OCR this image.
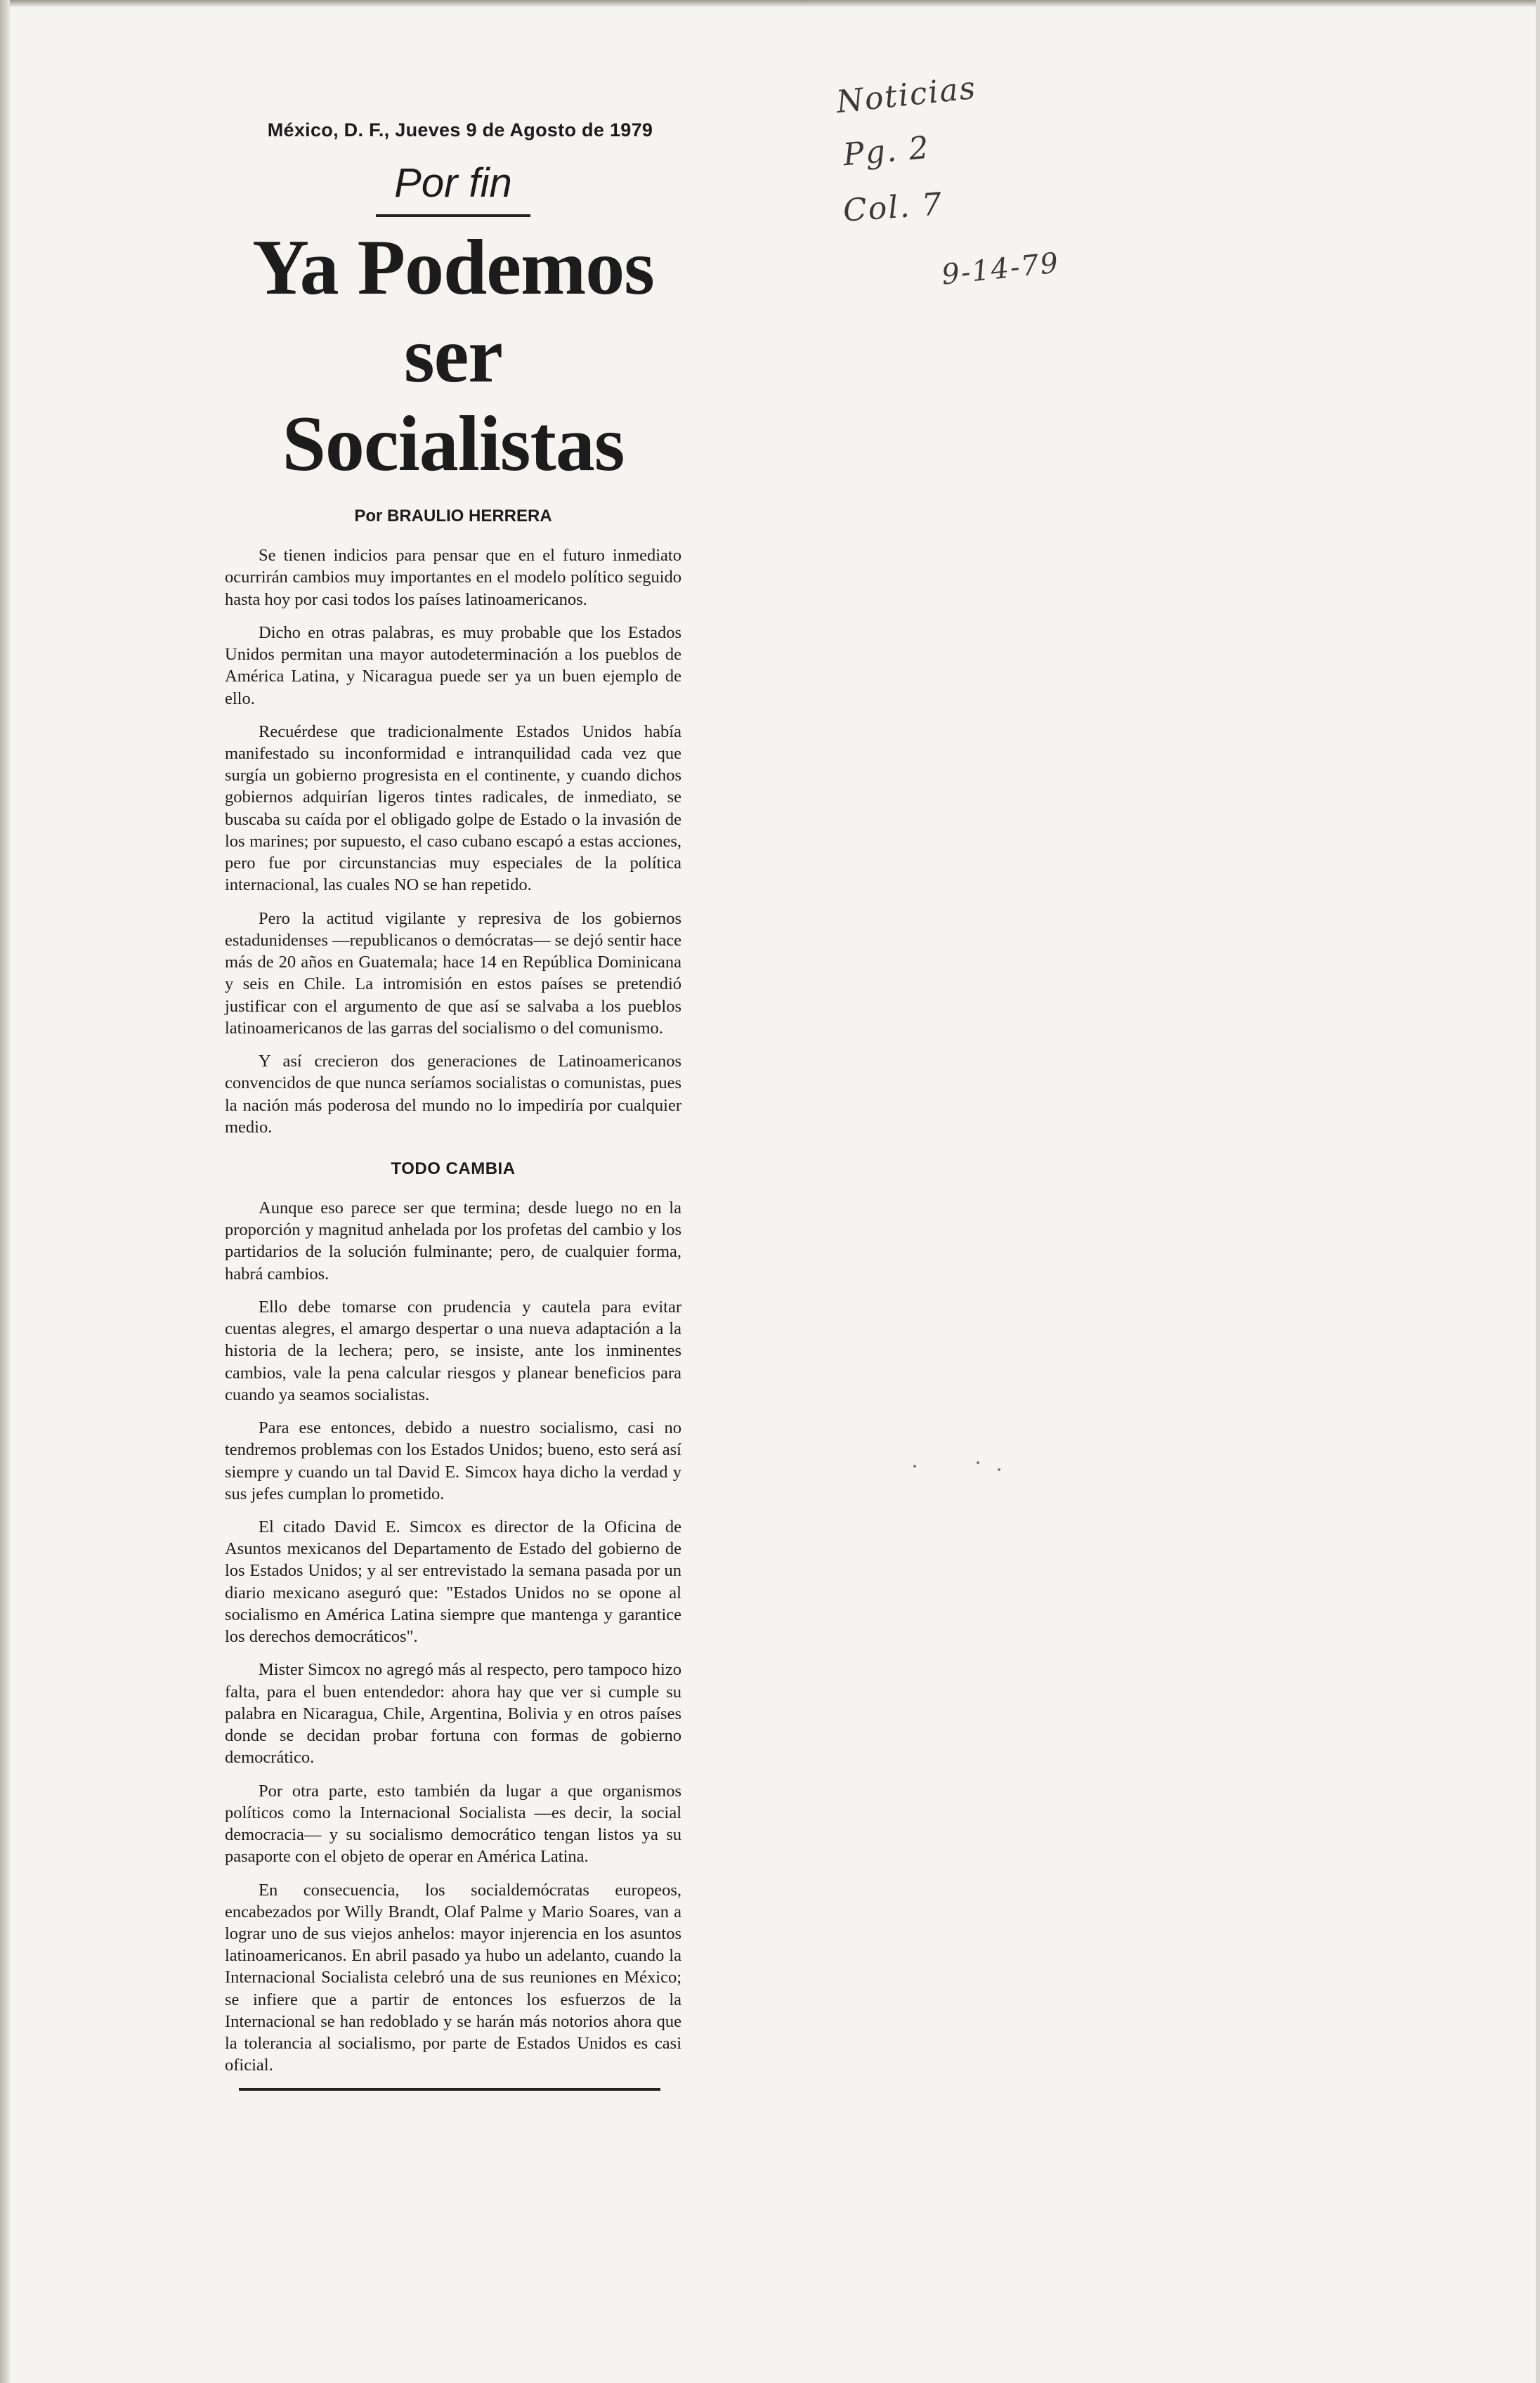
Noticias
Pg. 2
Col. 7
9-14-79
México, D. F., Jueves 9 de Agosto de 1979
Por fin
Ya Podemos
ser Socialistas
Por BRAULIO HERRERA

Se tienen indicios para pensar que en el futuro inmediato ocurrirán cambios muy importantes en el modelo político seguido hasta hoy por casi todos los países latinoamericanos.

Dicho en otras palabras, es muy probable que los Estados Unidos permitan una mayor autodeterminación a los pueblos de América Latina, y Nicaragua puede ser ya un buen ejemplo de ello.

Recuérdese que tradicionalmente Estados Unidos había manifestado su inconformidad e intranquilidad cada vez que surgía un gobierno progresista en el continente, y cuando dichos gobiernos adquirían ligeros tintes radicales, de inmediato, se buscaba su caída por el obligado golpe de Estado o la invasión de los marines; por supuesto, el caso cubano escapó a estas acciones, pero fue por circunstancias muy especiales de la política internacional, las cuales NO se han repetido.

Pero la actitud vigilante y represiva de los gobiernos estadunidenses —republicanos o demócratas— se dejó sentir hace más de 20 años en Guatemala; hace 14 en República Dominicana y seis en Chile. La intromisión en estos países se pretendió justificar con el argumento de que así se salvaba a los pueblos latinoamericanos de las garras del socialismo o del comunismo.

Y así crecieron dos generaciones de Latinoamericanos convencidos de que nunca seríamos socialistas o comunistas, pues la nación más poderosa del mundo no lo impediría por cualquier medio.

TODO CAMBIA

Aunque eso parece ser que termina; desde luego no en la proporción y magnitud anhelada por los profetas del cambio y los partidarios de la solución fulminante; pero, de cualquier forma, habrá cambios.

Ello debe tomarse con prudencia y cautela para evitar cuentas alegres, el amargo despertar o una nueva adaptación a la historia de la lechera; pero, se insiste, ante los inminentes cambios, vale la pena calcular riesgos y planear beneficios para cuando ya seamos socialistas.

Para ese entonces, debido a nuestro socialismo, casi no tendremos problemas con los Estados Unidos; bueno, esto será así siempre y cuando un tal David E. Simcox haya dicho la verdad y sus jefes cumplan lo prometido.

El citado David E. Simcox es director de la Oficina de Asuntos mexicanos del Departamento de Estado del gobierno de los Estados Unidos; y al ser entrevistado la semana pasada por un diario mexicano aseguró que: "Estados Unidos no se opone al socialismo en América Latina siempre que mantenga y garantice los derechos democráticos".

Mister Simcox no agregó más al respecto, pero tampoco hizo falta, para el buen entendedor: ahora hay que ver si cumple su palabra en Nicaragua, Chile, Argentina, Bolivia y en otros países donde se decidan probar fortuna con formas de gobierno democrático.

Por otra parte, esto también da lugar a que organismos políticos como la Internacional Socialista —es decir, la social democracia— y su socialismo democrático tengan listos ya su pasaporte con el objeto de operar en América Latina.

En consecuencia, los socialdemócratas europeos, encabezados por Willy Brandt, Olaf Palme y Mario Soares, van a lograr uno de sus viejos anhelos: mayor injerencia en los asuntos latinoamericanos. En abril pasado ya hubo un adelanto, cuando la Internacional Socialista celebró una de sus reuniones en México; se infiere que a partir de entonces los esfuerzos de la Internacional se han redoblado y se harán más notorios ahora que la tolerancia al socialismo, por parte de Estados Unidos es casi oficial.
